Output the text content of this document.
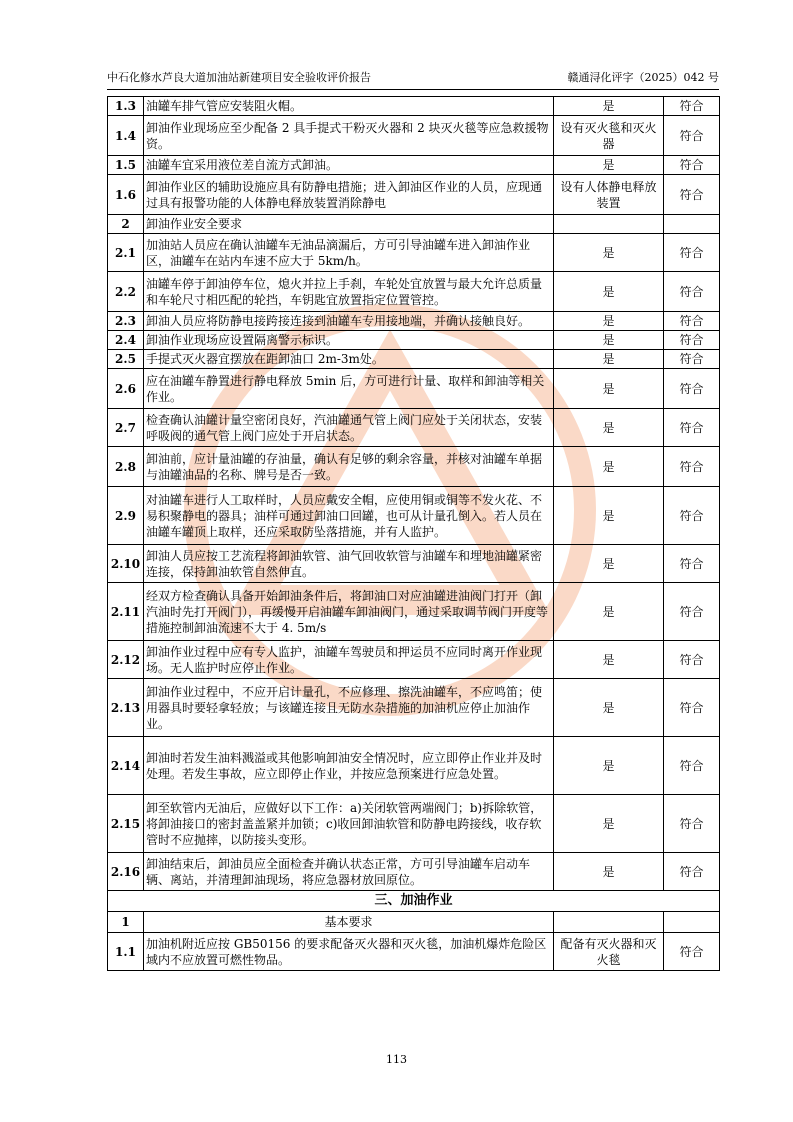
中石化修水芦良大道加油站新建项目安全验收评价报告	赣通浔化评字（2025）042 号
1.3	油罐车排气管应安装阻火帽。	是	符合
1.4	卸油作业现场应至少配备 2 具手提式干粉灭火器和 2 块灭火毯等应急救援物资。	设有灭火毯和灭火器	符合
1.5	油罐车宜采用液位差自流方式卸油。	是	符合
1.6	卸油作业区的辅助设施应具有防静电措施；进入卸油区作业的人员，应现通过具有报警功能的人体静电释放装置消除静电	设有人体静电释放装置	符合
2	卸油作业安全要求		
2.1	加油站人员应在确认油罐车无油品滴漏后，方可引导油罐车进入卸油作业区，油罐车在站内车速不应大于 5km/h。	是	符合
2.2	油罐车停于卸油停车位，熄火并拉上手刹，车轮处宜放置与最大允许总质量和车轮尺寸相匹配的轮挡，车钥匙宜放置指定位置管控。	是	符合
2.3	卸油人员应将防静电接跨接连接到油罐车专用接地端，并确认接触良好。	是	符合
2.4	卸油作业现场应设置隔离警示标识。	是	符合
2.5	手提式灭火器宜摆放在距卸油口 2m-3m处。	是	符合
2.6	应在油罐车静置进行静电释放 5min 后，方可进行计量、取样和卸油等相关作业。	是	符合
2.7	检查确认油罐计量空密闭良好，汽油罐通气管上阀门应处于关闭状态，安装呼吸阀的通气管上阀门应处于开启状态。	是	符合
2.8	卸油前，应计量油罐的存油量，确认有足够的剩余容量，并核对油罐车单据与油罐油品的名称、牌号是否一致。	是	符合
2.9	对油罐车进行人工取样时，人员应戴安全帽，应使用铜或铜等不发火花、不易积聚静电的器具；油样可通过卸油口回罐，也可从计量孔倒入。若人员在油罐车罐顶上取样，还应采取防坠落措施，并有人监护。	是	符合
2.10	卸油人员应按工艺流程将卸油软管、油气回收软管与油罐车和埋地油罐紧密连接，保持卸油软管自然伸直。	是	符合
2.11	经双方检查确认具备开始卸油条件后，将卸油口对应油罐进油阀门打开（卸汽油时先打开阀门），再缓慢开启油罐车卸油阀门，通过采取调节阀门开度等措施控制卸油流速不大于 4. 5m/s	是	符合
2.12	卸油作业过程中应有专人监护，油罐车驾驶员和押运员不应同时离开作业现场。无人监护时应停止作业。	是	符合
2.13	卸油作业过程中，不应开启计量孔，不应修理、擦洗油罐车，不应鸣笛；使用器具时要轻拿轻放；与该罐连接且无防水杂措施的加油机应停止加油作业。	是	符合
2.14	卸油时若发生油料溅溢或其他影响卸油安全情况时，应立即停止作业并及时处理。若发生事故，应立即停止作业，并按应急预案进行应急处置。	是	符合
2.15	卸至软管内无油后，应做好以下工作：a)关闭软管两端阀门；b)拆除软管，将卸油接口的密封盖盖紧并加锁；c)收回卸油软管和防静电跨接线，收存软管时不应抛摔，以防接头变形。	是	符合
2.16	卸油结束后，卸油员应全面检查并确认状态正常，方可引导油罐车启动车辆、离站，并清理卸油现场，将应急器材放回原位。	是	符合
三、加油作业			
1	基本要求		
1.1	加油机附近应按 GB50156 的要求配备灭火器和灭火毯，加油机爆炸危险区域内不应放置可燃性物品。	配备有灭火器和灭火毯	符合
113
